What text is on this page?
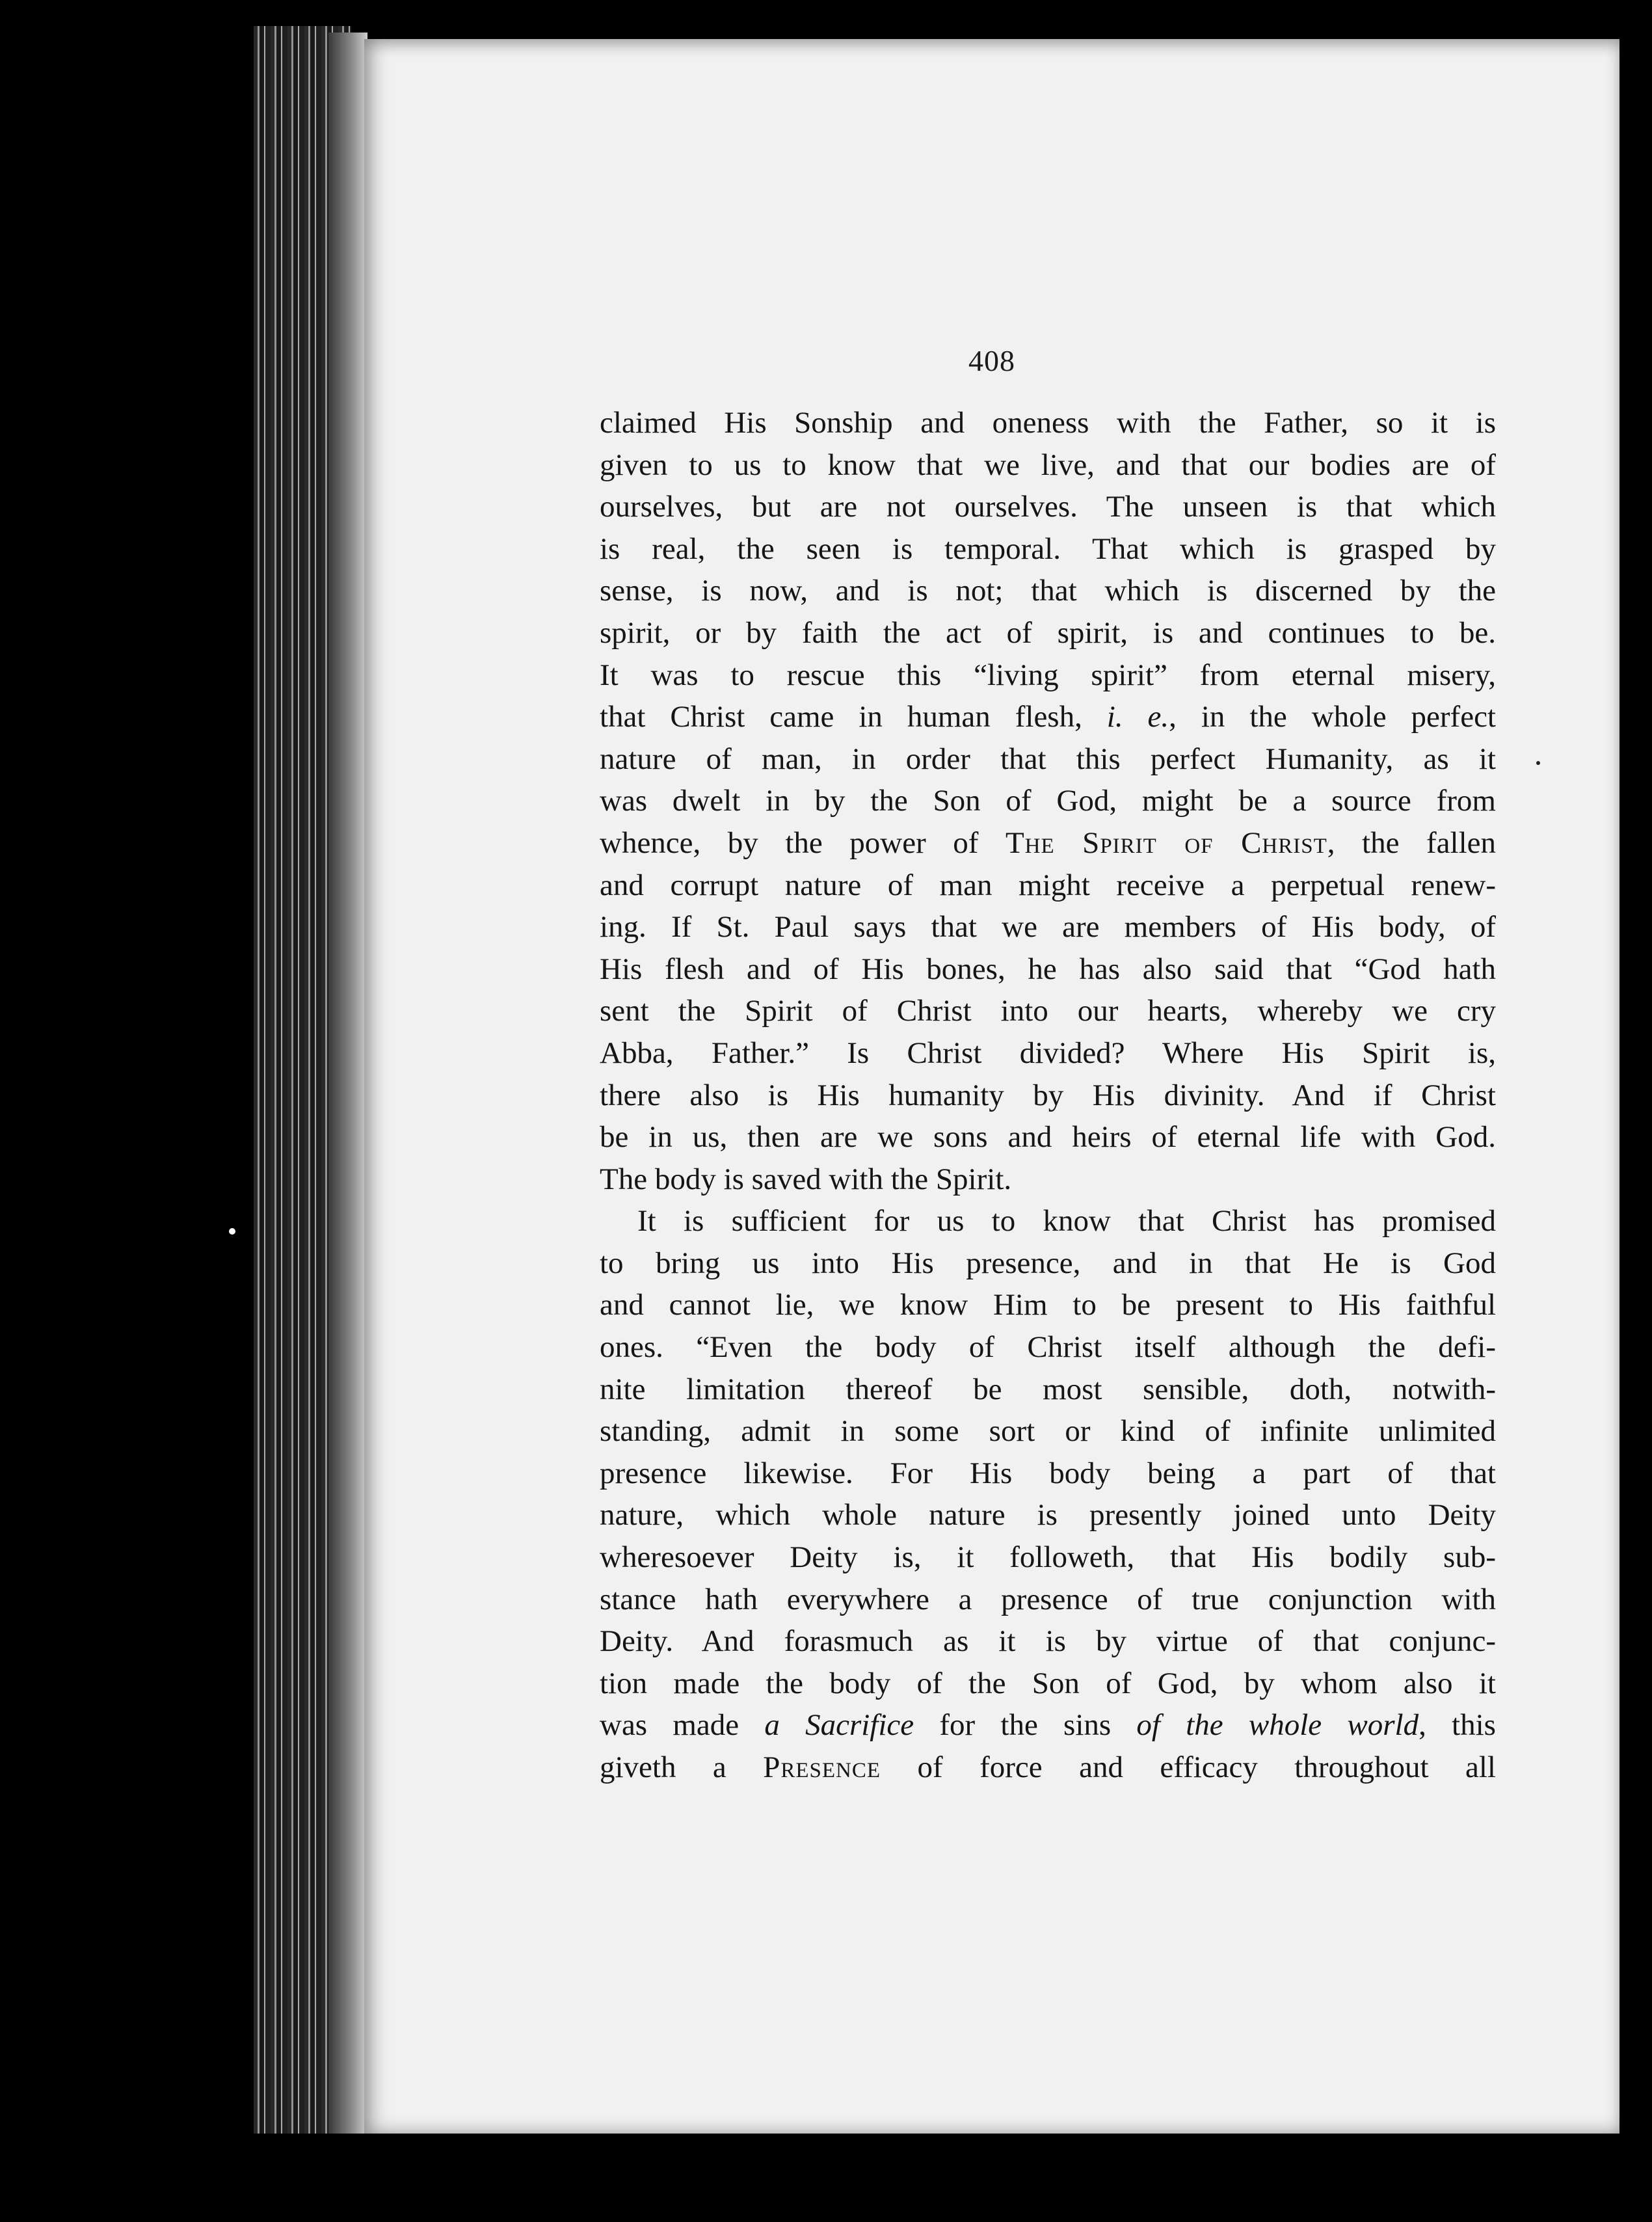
408
claimed His Sonship and oneness with the Father, so it is
given to us to know that we live, and that our bodies are of
ourselves, but are not ourselves. The unseen is that which
is real, the seen is temporal. That which is grasped by
sense, is now, and is not; that which is discerned by the
spirit, or by faith the act of spirit, is and continues to be.
It was to rescue this “living spirit” from eternal misery,
that Christ came in human flesh, i. e., in the whole perfect
nature of man, in order that this perfect Humanity, as it
was dwelt in by the Son of God, might be a source from
whence, by the power of The Spirit of Christ, the fallen
and corrupt nature of man might receive a perpetual renew-
ing. If St. Paul says that we are members of His body, of
His flesh and of His bones, he has also said that “God hath
sent the Spirit of Christ into our hearts, whereby we cry
Abba, Father.” Is Christ divided? Where His Spirit is,
there also is His humanity by His divinity. And if Christ
be in us, then are we sons and heirs of eternal life with God.
The body is saved with the Spirit.
It is sufficient for us to know that Christ has promised
to bring us into His presence, and in that He is God
and cannot lie, we know Him to be present to His faithful
ones. “Even the body of Christ itself although the defi-
nite limitation thereof be most sensible, doth, notwith-
standing, admit in some sort or kind of infinite unlimited
presence likewise. For His body being a part of that
nature, which whole nature is presently joined unto Deity
wheresoever Deity is, it followeth, that His bodily sub-
stance hath everywhere a presence of true conjunction with
Deity. And forasmuch as it is by virtue of that conjunc-
tion made the body of the Son of God, by whom also it
was made a Sacrifice for the sins of the whole world, this
giveth a Presence of force and efficacy throughout all
